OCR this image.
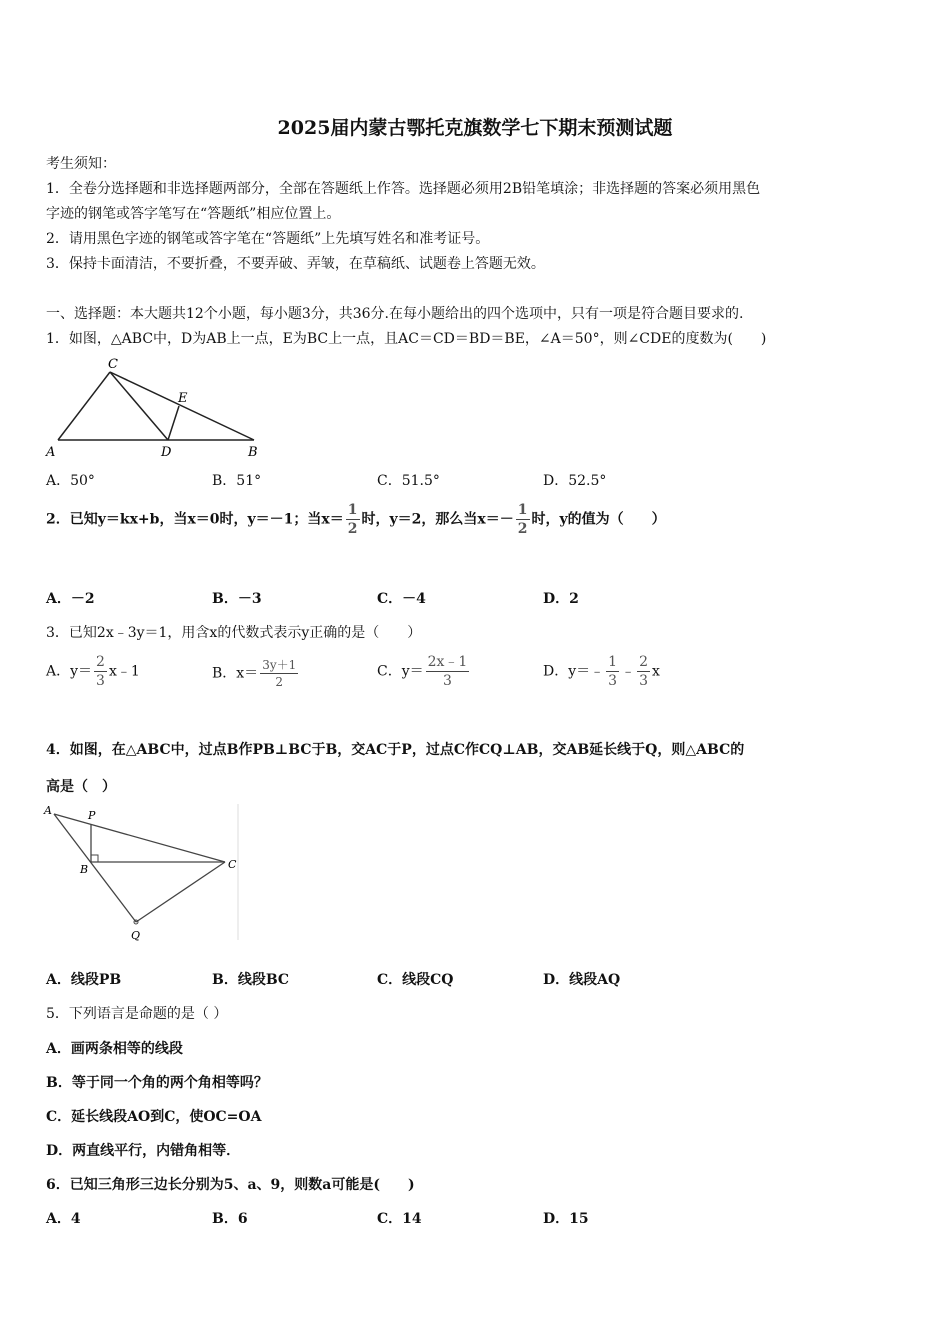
2025届内蒙古鄂托克旗数学七下期末预测试题
考生须知：
1．全卷分选择题和非选择题两部分，全部在答题纸上作答。选择题必须用2B铅笔填涂；非选择题的答案必须用黑色
字迹的钢笔或答字笔写在“答题纸”相应位置上。
2．请用黑色字迹的钢笔或答字笔在“答题纸”上先填写姓名和准考证号。
3．保持卡面清洁，不要折叠，不要弄破、弄皱，在草稿纸、试题卷上答题无效。
一、选择题：本大题共12个小题，每小题3分，共36分.在每小题给出的四个选项中，只有一项是符合题目要求的.
1．如图，△ABC中，D为AB上一点，E为BC上一点，且AC＝CD＝BD＝BE，∠A＝50°，则∠CDE的度数为(　　)
C
E
A	D	B
A．50°	B．51°	C．51.5°	D．52.5°
2．已知y＝kx+b，当x＝0时，y＝－1；当$x= \frac{1}{2}$ 时，y＝2，那么当$x=- \frac{1}{2}$ 时，y的值为（　　）
A．－2	B．－3	C．－4	D．2
3．已知2x﹣3y＝1，用含x的代数式表示y正确的是（　　）
A．$y= \frac{2}{3}$ x﹣1	B．$x= \frac{3y+1}{2}$	C．$y= \frac{2x﹣1}{3}$	D．y＝﹣ $\frac{1}{3}$ ﹣ $\frac{2}{3}$ x
4．如图，在△ABC中，过点B作PB⊥BC于B，交AC于P，过点C作CQ⊥AB，交AB延长线于Q，则△ABC的
高是（　）
A	P
B	C
Q
A．线段PB	B．线段BC	C．线段CQ	D．线段AQ
5．下列语言是命题的是（ ）
A．画两条相等的线段
B．等于同一个角的两个角相等吗？
C．延长线段AO到C，使OC=OA
D．两直线平行，内错角相等．
6．已知三角形三边长分别为5、a、9，则数a可能是(　　)
A．4	B．6	C．14	D．15
